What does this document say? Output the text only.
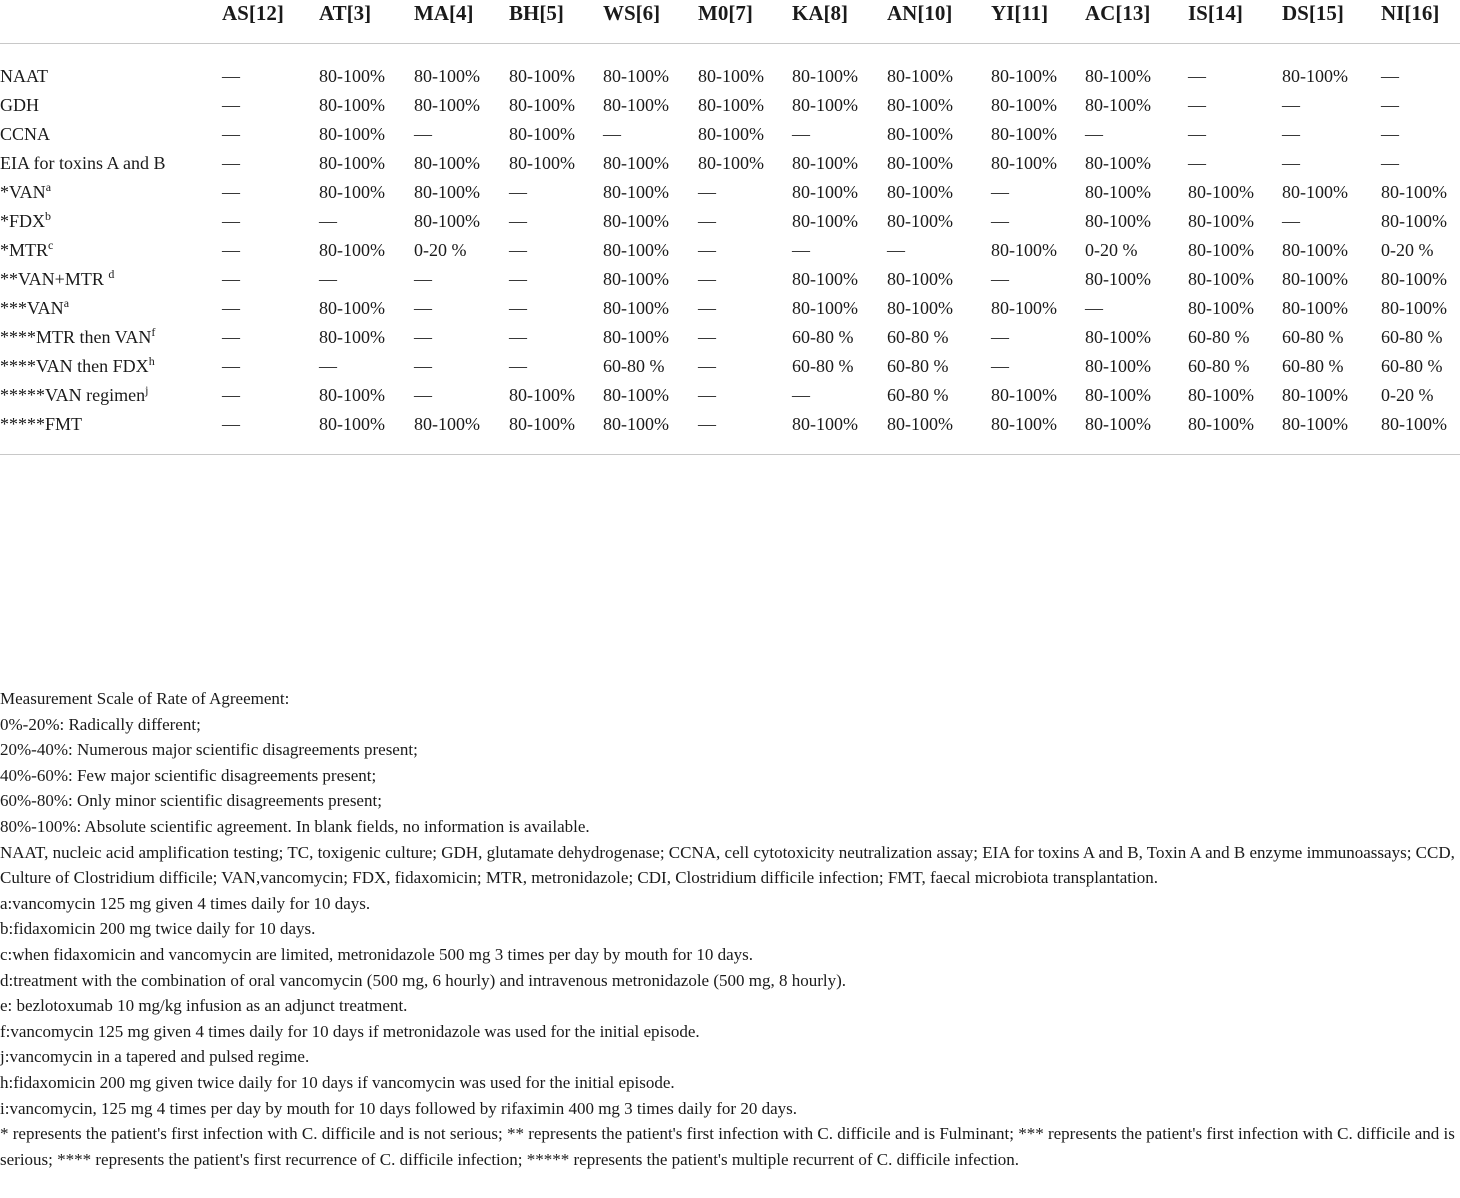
	AS[12]	AT[3]	MA[4]	BH[5]	WS[6]	M0[7]	KA[8]	AN[10]	YI[11]	AC[13]	IS[14]	DS[15]	NI[16]
NAAT	—	80-100%	80-100%	80-100%	80-100%	80-100%	80-100%	80-100%	80-100%	80-100%	—	80-100%	—
GDH	—	80-100%	80-100%	80-100%	80-100%	80-100%	80-100%	80-100%	80-100%	80-100%	—	—	—
CCNA	—	80-100%	—	80-100%	—	80-100%	—	80-100%	80-100%	—	—	—	—
EIA for toxins A and B	—	80-100%	80-100%	80-100%	80-100%	80-100%	80-100%	80-100%	80-100%	80-100%	—	—	—
*VAN$^a$	—	80-100%	80-100%	—	80-100%	—	80-100%	80-100%	—	80-100%	80-100%	80-100%	80-100%
*FDX$^b$	—	—	80-100%	—	80-100%	—	80-100%	80-100%	—	80-100%	80-100%	—	80-100%
*MTR$^c$	—	80-100%	0-20 %	—	80-100%	—	—	—	80-100%	0-20 %	80-100%	80-100%	0-20 %
**VAN+MTR $^d$	—	—	—	—	80-100%	—	80-100%	80-100%	—	80-100%	80-100%	80-100%	80-100%
***VAN$^a$	—	80-100%	—	—	80-100%	—	80-100%	80-100%	80-100%	—	80-100%	80-100%	80-100%
****MTR then VAN$^f$	—	80-100%	—	—	80-100%	—	60-80 %	60-80 %	—	80-100%	60-80 %	60-80 %	60-80 %
****VAN then FDX$^h$	—	—	—	—	60-80 %	—	60-80 %	60-80 %	—	80-100%	60-80 %	60-80 %	60-80 %
*****VAN regimen$^j$	—	80-100%	—	80-100%	80-100%	—	—	60-80 %	80-100%	80-100%	80-100%	80-100%	0-20 %
*****FMT	—	80-100%	80-100%	80-100%	80-100%	—	80-100%	80-100%	80-100%	80-100%	80-100%	80-100%	80-100%

Measurement Scale of Rate of Agreement:

0%-20%: Radically different;

20%-40%: Numerous major scientific disagreements present;

40%-60%: Few major scientific disagreements present;

60%-80%: Only minor scientific disagreements present;

80%-100%: Absolute scientific agreement. In blank fields, no information is available.

NAAT, nucleic acid amplification testing; TC, toxigenic culture; GDH, glutamate dehydrogenase; CCNA, cell cytotoxicity neutralization assay; EIA for toxins A and B, Toxin A and B enzyme immunoassays; CCD, Culture of Clostridium difficile; VAN,vancomycin; FDX, fidaxomicin; MTR, metronidazole; CDI, Clostridium difficile infection; FMT, faecal microbiota transplantation.

a:vancomycin 125 mg given 4 times daily for 10 days.

b:fidaxomicin 200 mg twice daily for 10 days.

c:when fidaxomicin and vancomycin are limited, metronidazole 500 mg 3 times per day by mouth for 10 days.

d:treatment with the combination of oral vancomycin (500 mg, 6 hourly) and intravenous metronidazole (500 mg, 8 hourly).

e: bezlotoxumab 10 mg/kg infusion as an adjunct treatment.

f:vancomycin 125 mg given 4 times daily for 10 days if metronidazole was used for the initial episode.

j:vancomycin in a tapered and pulsed regime.

h:fidaxomicin 200 mg given twice daily for 10 days if vancomycin was used for the initial episode.

i:vancomycin, 125 mg 4 times per day by mouth for 10 days followed by rifaximin 400 mg 3 times daily for 20 days.

* represents the patient's first infection with C. difficile and is not serious; ** represents the patient's first infection with C. difficile and is Fulminant; *** represents the patient's first infection with C. difficile and is serious; **** represents the patient's first recurrence of C. difficile infection; ***** represents the patient's multiple recurrent of C. difficile infection.
